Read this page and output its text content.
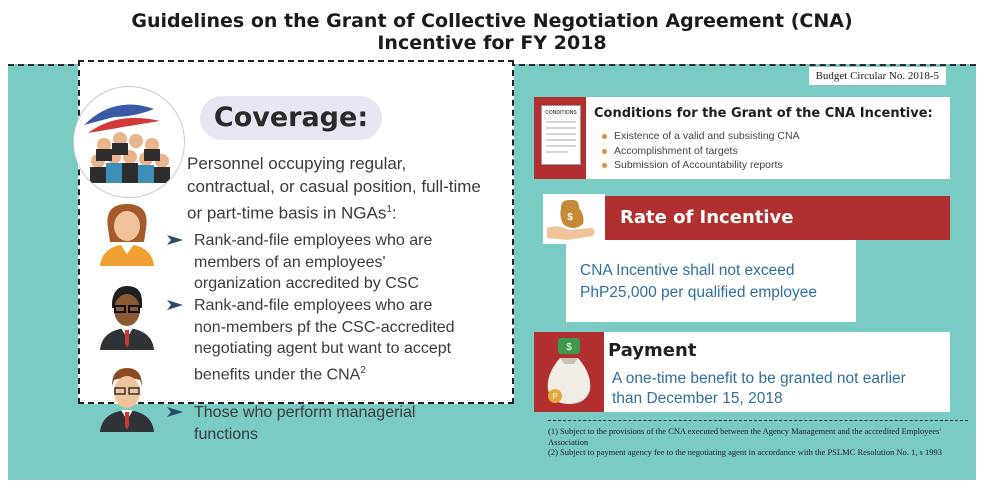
Guidelines on the Grant of Collective Negotiation Agreement (CNA)
Incentive for FY 2018
Budget Circular No. 2018-5
Coverage:
Personnel occupying regular, contractual, or casual position, full-time or part-time basis in NGAs$^1$:
Rank-and-file employees who are members of an employees' organization accredited by CSC
Rank-and-file employees who are non-members pf the CSC-accredited negotiating agent but want to accept benefits under the CNA$^2$
Those who perform managerial functions
CONDITIONS Conditions for the Grant of the CNA Incentive:
Existence of a valid and subsisting CNA
Accomplishment of targets
Submission of Accountability reports
Rate of Incentive
$
CNA Incentive shall not exceed
PhP25,000 per qualified employee
$
P
Payment
A one-time benefit to be granted not earlier
than December 15, 2018
(1) Subject to the provisions of the CNA executed between the Agency Management and the accredited Employees' Association
(2) Subject to payment agency fee to the negotiating agent in accordance with the PSLMC Resolution No. 1, s 1993
